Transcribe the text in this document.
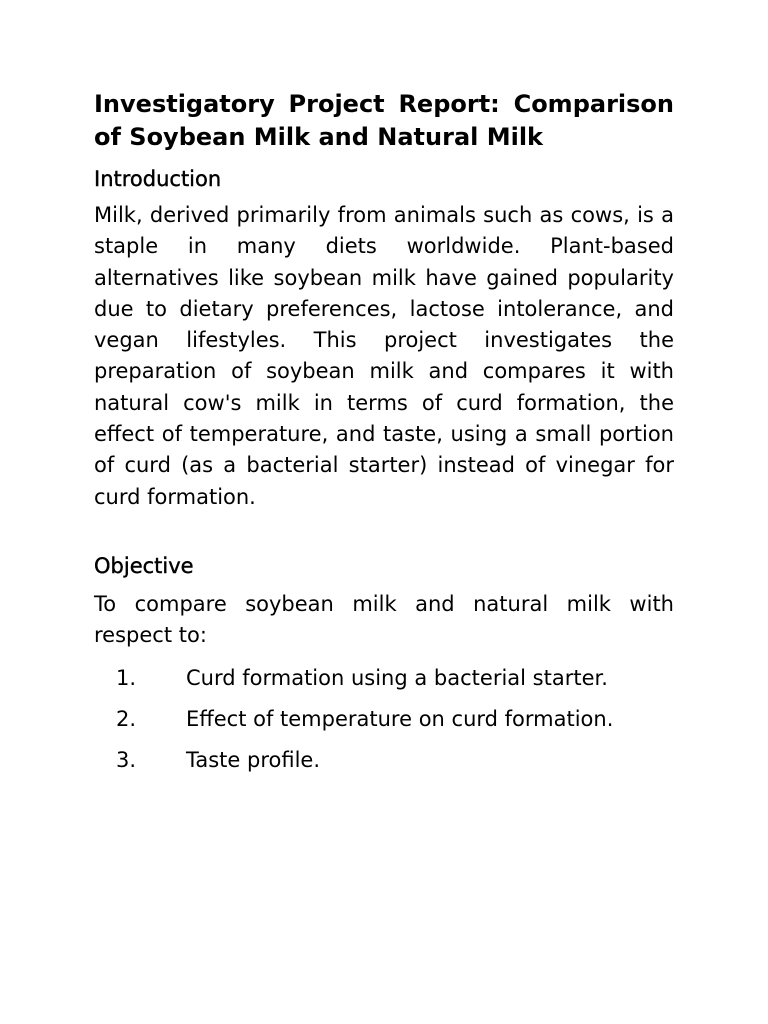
Investigatory Project Report: Comparison of Soybean Milk and Natural Milk
Introduction

Milk, derived primarily from animals such as cows, is a staple in many diets worldwide. Plant-based alternatives like soybean milk have gained popularity due to dietary preferences, lactose intolerance, and vegan lifestyles. This project investigates the preparation of soybean milk and compares it with natural cow's milk in terms of curd formation, the effect of temperature, and taste, using a small portion of curd (as a bacterial starter) instead of vinegar for curd formation.

Objective

To compare soybean milk and natural milk with respect to:

1.	Curd formation using a bacterial starter.
2.	Effect of temperature on curd formation.
3.	Taste profile.
